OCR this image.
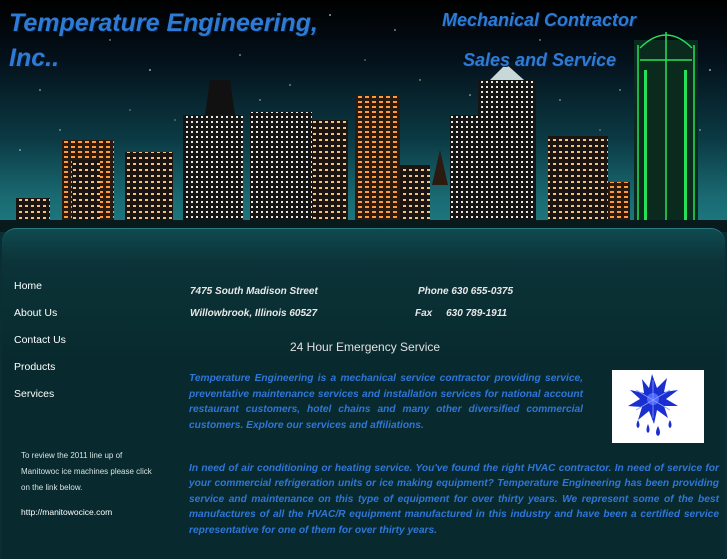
Temperature Engineering,
Inc..

Mechanical Contractor

Sales and Service

Home
About Us
Contact Us
Products
Services
To review the 2011 line up of Manitowoc ice machines please click on the link below.
http://manitowocice.com
7475 South Madison Street
Willowbrook, Illinois 60527
Phone 630 655-0375
Fax     630 789-1911
24 Hour Emergency Service

Temperature Engineering is a mechanical service contractor providing service, preventative maintenance services and installation services for national account restaurant customers, hotel chains and many other diversified commercial customers. Explore our services and affiliations.

In need of air conditioning or heating service. You've found the right HVAC contractor. In need of service for your commercial refrigeration units or ice making equipment? Temperature Engineering has been providing service and maintenance on this type of equipment for over thirty years. We represent some of the best manufactures of all the HVAC/R equipment manufactured in this industry and have been a certified service representative for one of them for over thirty years.
